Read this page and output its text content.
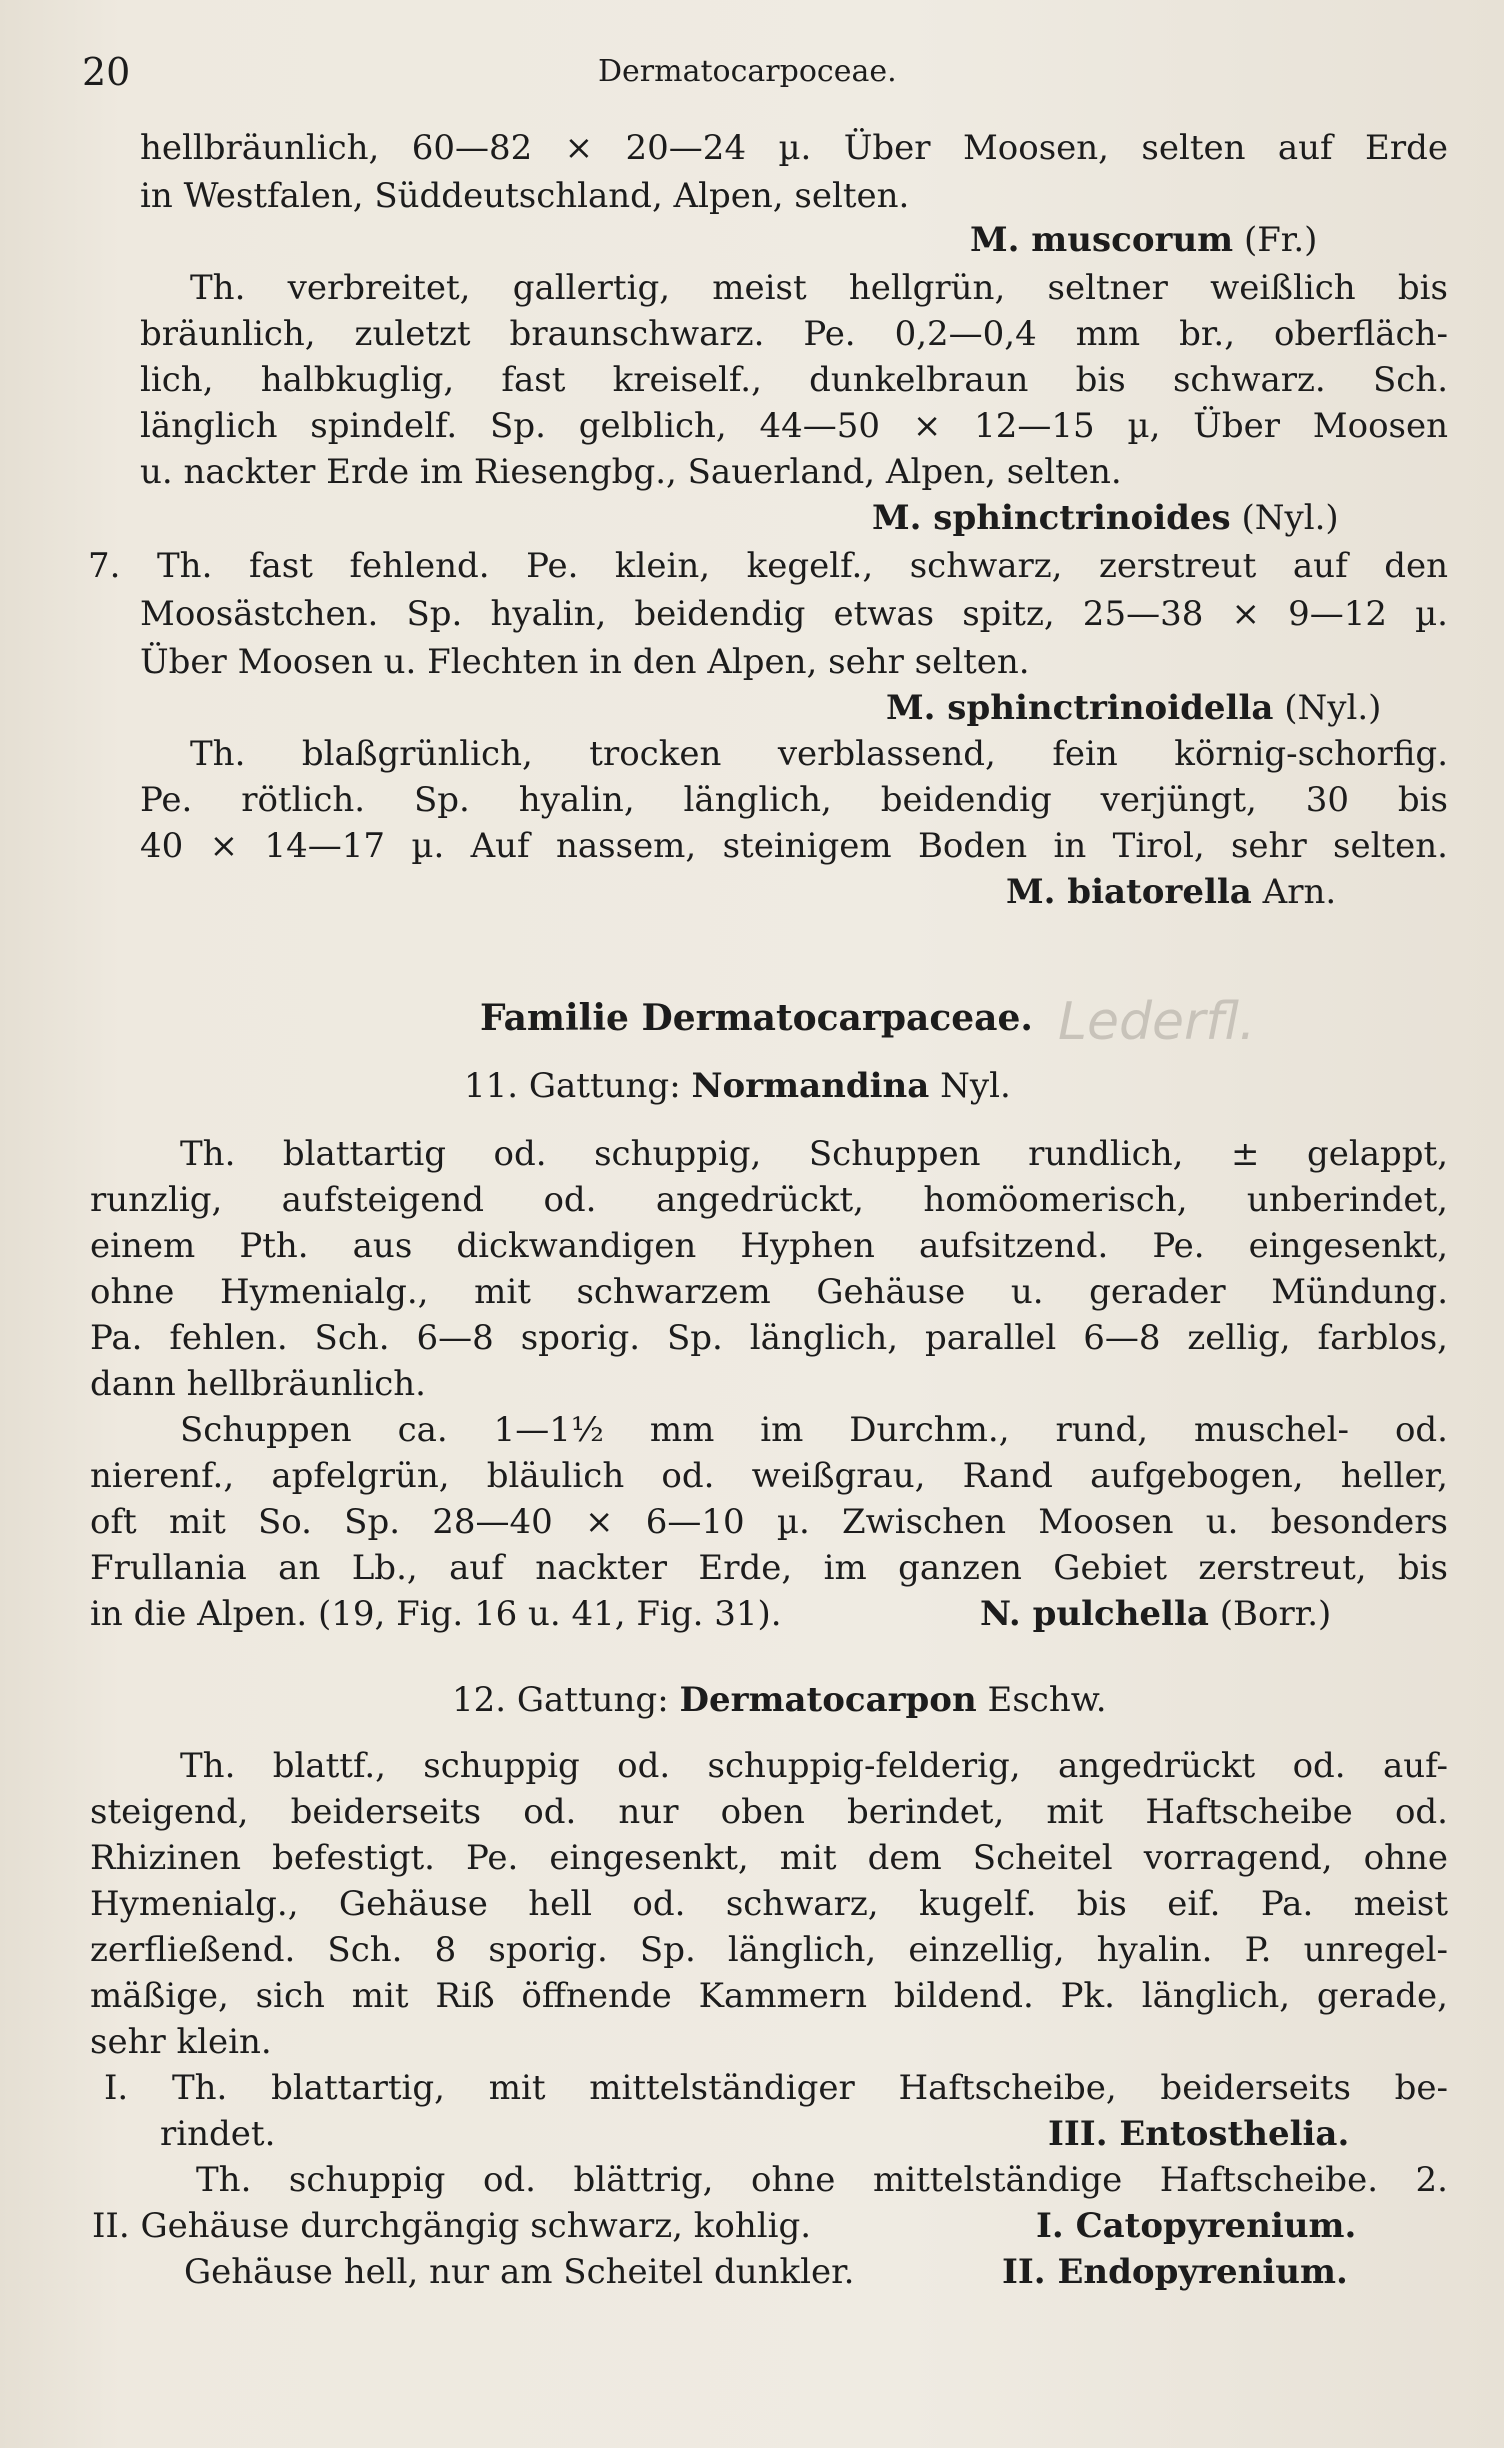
20	Dermatocarpoceae.
hellbräunlich, 60—82 × 20—24 µ. Über Moosen, selten auf Erde
in Westfalen, Süddeutschland, Alpen, selten.
M. muscorum (Fr.)
Th. verbreitet, gallertig, meist hellgrün, seltner weißlich bis
bräunlich, zuletzt braunschwarz. Pe. 0,2—0,4 mm br., oberfläch-
lich, halbkuglig, fast kreiself., dunkelbraun bis schwarz. Sch.
länglich spindelf. Sp. gelblich, 44—50 × 12—15 µ, Über Moosen
u. nackter Erde im Riesengbg., Sauerland, Alpen, selten.
M. sphinctrinoides (Nyl.)
7. Th. fast fehlend. Pe. klein, kegelf., schwarz, zerstreut auf den
Moosästchen. Sp. hyalin, beidendig etwas spitz, 25—38 × 9—12 µ.
Über Moosen u. Flechten in den Alpen, sehr selten.
M. sphinctrinoidella (Nyl.)
Th. blaßgrünlich, trocken verblassend, fein körnig-schorfig.
Pe. rötlich. Sp. hyalin, länglich, beidendig verjüngt, 30 bis
40 × 14—17 µ. Auf nassem, steinigem Boden in Tirol, sehr selten.
M. biatorella Arn.
Familie Dermatocarpaceae. Lederfl.
11. Gattung: Normandina Nyl.
Th. blattartig od. schuppig, Schuppen rundlich, ± gelappt,
runzlig, aufsteigend od. angedrückt, homöomerisch, unberindet,
einem Pth. aus dickwandigen Hyphen aufsitzend. Pe. eingesenkt,
ohne Hymenialg., mit schwarzem Gehäuse u. gerader Mündung.
Pa. fehlen. Sch. 6—8 sporig. Sp. länglich, parallel 6—8 zellig, farblos,
dann hellbräunlich.
Schuppen ca. 1—1½ mm im Durchm., rund, muschel- od.
nierenf., apfelgrün, bläulich od. weißgrau, Rand aufgebogen, heller,
oft mit So. Sp. 28—40 × 6—10 µ. Zwischen Moosen u. besonders
Frullania an Lb., auf nackter Erde, im ganzen Gebiet zerstreut, bis
in die Alpen. (19, Fig. 16 u. 41, Fig. 31).	N. pulchella (Borr.)
12. Gattung: Dermatocarpon Eschw.
Th. blattf., schuppig od. schuppig-felderig, angedrückt od. auf-
steigend, beiderseits od. nur oben berindet, mit Haftscheibe od.
Rhizinen befestigt. Pe. eingesenkt, mit dem Scheitel vorragend, ohne
Hymenialg., Gehäuse hell od. schwarz, kugelf. bis eif. Pa. meist
zerfließend. Sch. 8 sporig. Sp. länglich, einzellig, hyalin. P. unregel-
mäßige, sich mit Riß öffnende Kammern bildend. Pk. länglich, gerade,
sehr klein.
I. Th. blattartig, mit mittelständiger Haftscheibe, beiderseits be-
rindet.	III. Entosthelia.
Th. schuppig od. blättrig, ohne mittelständige Haftscheibe. 2.
II. Gehäuse durchgängig schwarz, kohlig.	I. Catopyrenium.
Gehäuse hell, nur am Scheitel dunkler.	II. Endopyrenium.
